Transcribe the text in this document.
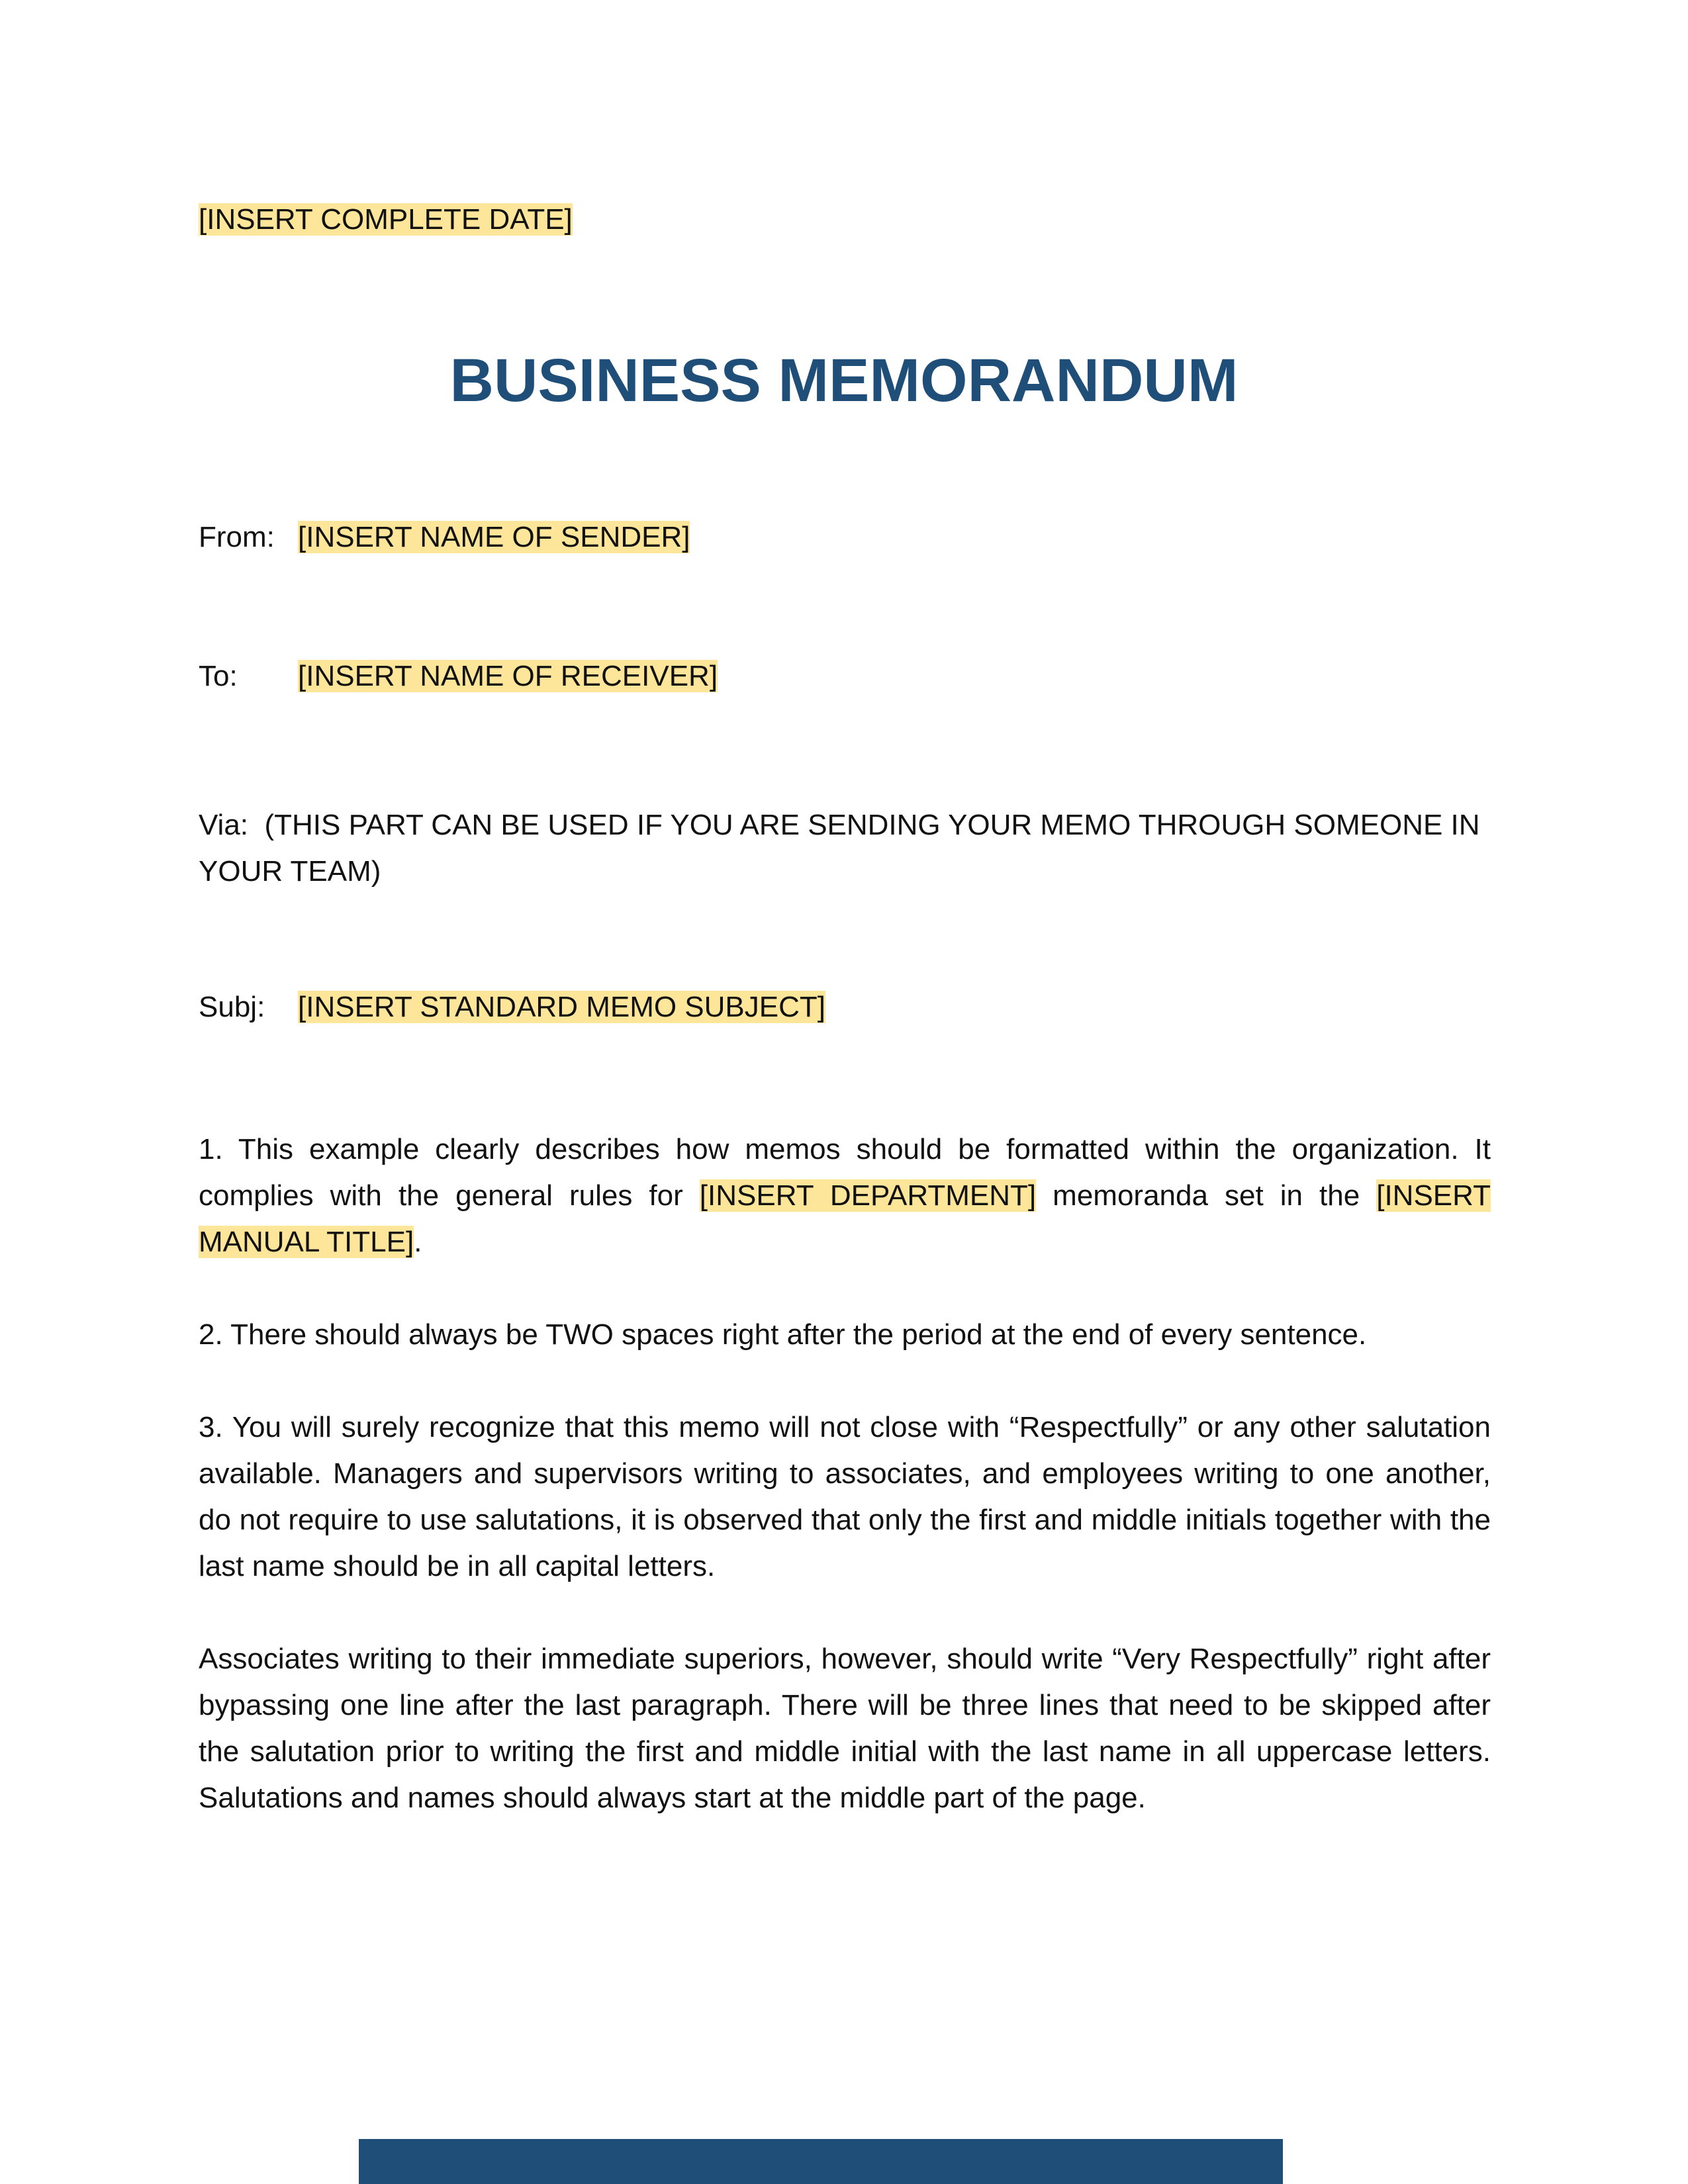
[INSERT COMPLETE DATE]
BUSINESS MEMORANDUM
From: [INSERT NAME OF SENDER]
To: [INSERT NAME OF RECEIVER]
Via: (THIS PART CAN BE USED IF YOU ARE SENDING YOUR MEMO THROUGH SOMEONE IN YOUR TEAM)
Subj: [INSERT STANDARD MEMO SUBJECT]
1. This example clearly describes how memos should be formatted within the organization. It complies with the general rules for [INSERT DEPARTMENT] memoranda set in the [INSERT MANUAL TITLE].
2. There should always be TWO spaces right after the period at the end of every sentence.
3. You will surely recognize that this memo will not close with “Respectfully” or any other salutation available. Managers and supervisors writing to associates, and employees writing to one another, do not require to use salutations, it is observed that only the first and middle initials together with the last name should be in all capital letters.
Associates writing to their immediate superiors, however, should write “Very Respectfully” right after bypassing one line after the last paragraph. There will be three lines that need to be skipped after the salutation prior to writing the first and middle initial with the last name in all uppercase letters. Salutations and names should always start at the middle part of the page.
